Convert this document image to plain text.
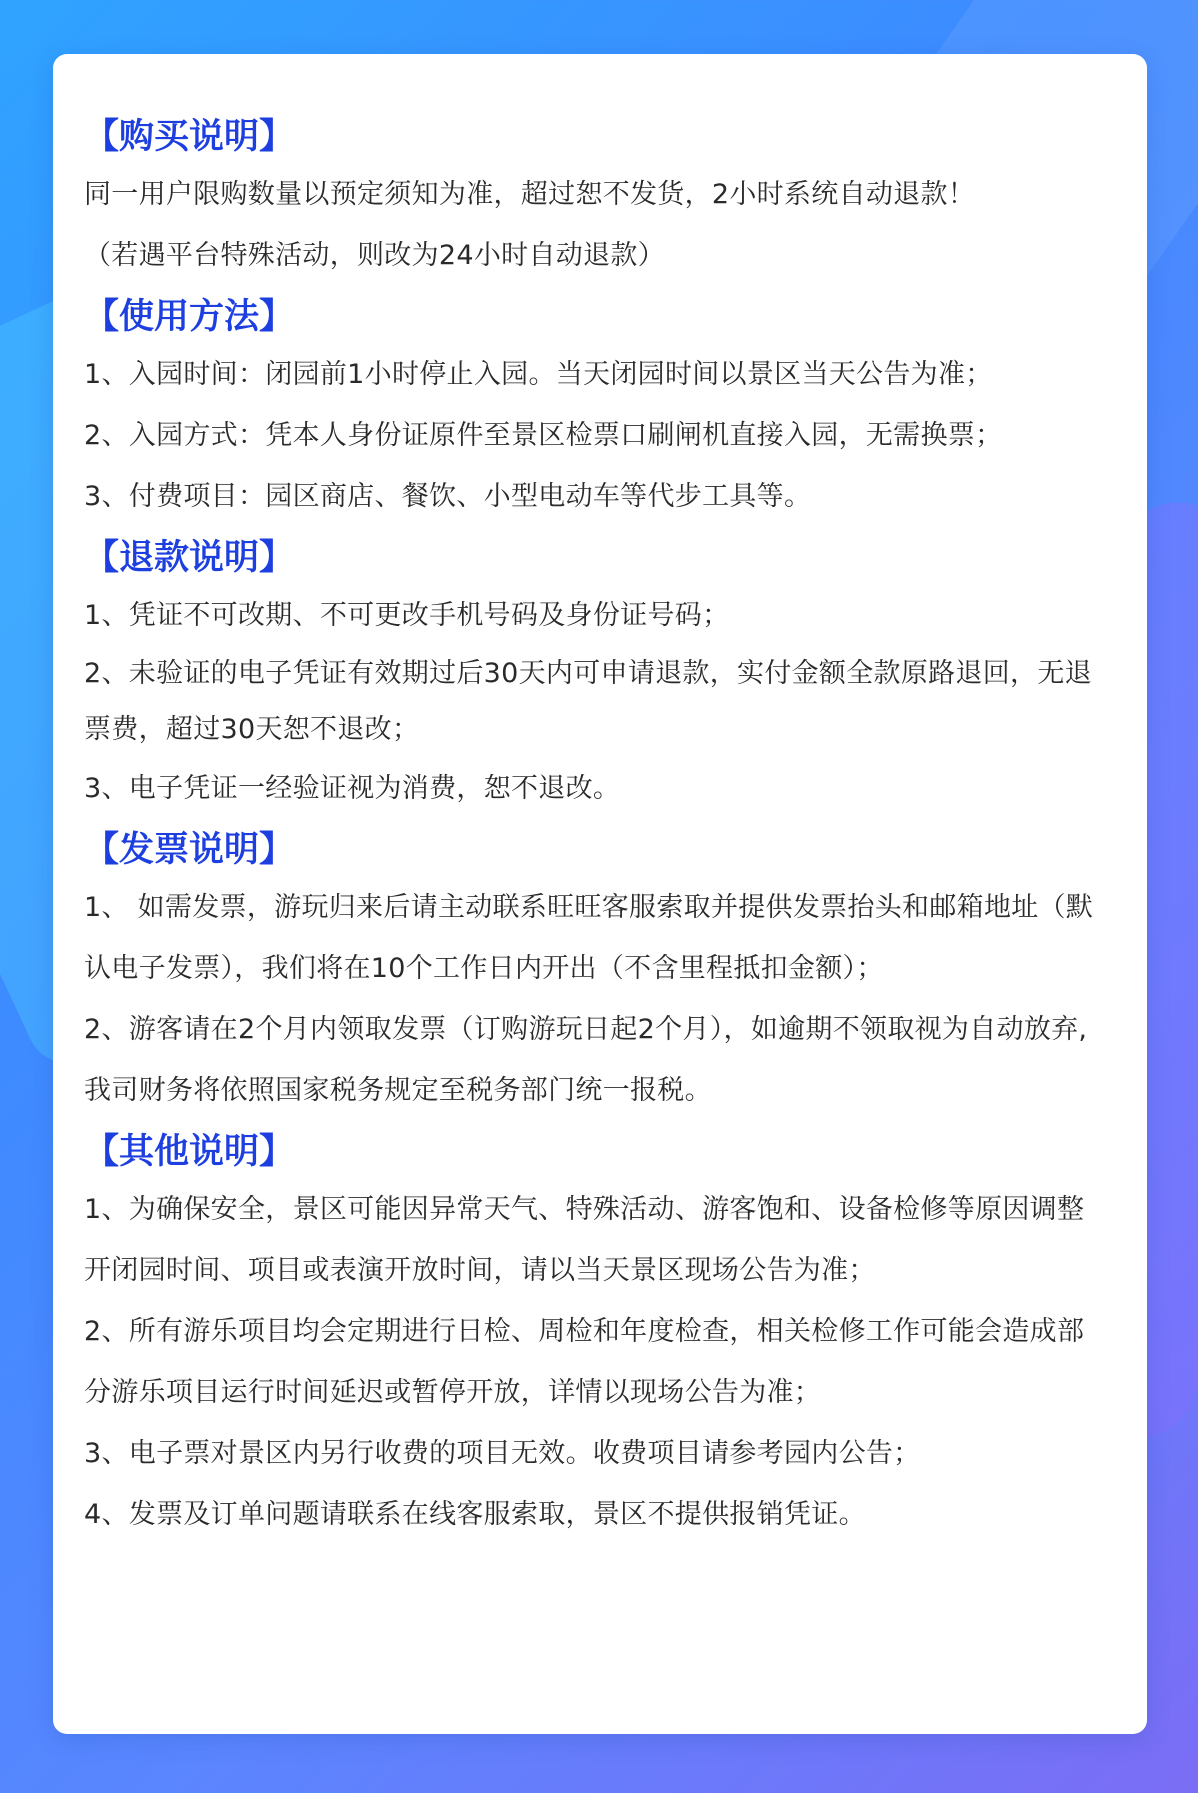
【购买说明】

同一用户限购数量以预定须知为准，超过恕不发货，2小时系统自动退款！

（若遇平台特殊活动，则改为24小时自动退款）

【使用方法】

1、入园时间：闭园前1小时停止入园。当天闭园时间以景区当天公告为准；

2、入园方式：凭本人身份证原件至景区检票口刷闸机直接入园，无需换票；

3、付费项目：园区商店、餐饮、小型电动车等代步工具等。

【退款说明】

1、凭证不可改期、不可更改手机号码及身份证号码；

2、未验证的电子凭证有效期过后30天内可申请退款，实付金额全款原路退回，无退票费，超过30天恕不退改；

3、电子凭证一经验证视为消费，恕不退改。

【发票说明】

1、 如需发票，游玩归来后请主动联系旺旺客服索取并提供发票抬头和邮箱地址（默认电子发票），我们将在10个工作日内开出（不含里程抵扣金额）；

2、游客请在2个月内领取发票（订购游玩日起2个月），如逾期不领取视为自动放弃,我司财务将依照国家税务规定至税务部门统一报税。

【其他说明】

1、为确保安全，景区可能因异常天气、特殊活动、游客饱和、设备检修等原因调整开闭园时间、项目或表演开放时间，请以当天景区现场公告为准；

2、所有游乐项目均会定期进行日检、周检和年度检查，相关检修工作可能会造成部分游乐项目运行时间延迟或暂停开放，详情以现场公告为准；

3、电子票对景区内另行收费的项目无效。收费项目请参考园内公告；

4、发票及订单问题请联系在线客服索取，景区不提供报销凭证。
